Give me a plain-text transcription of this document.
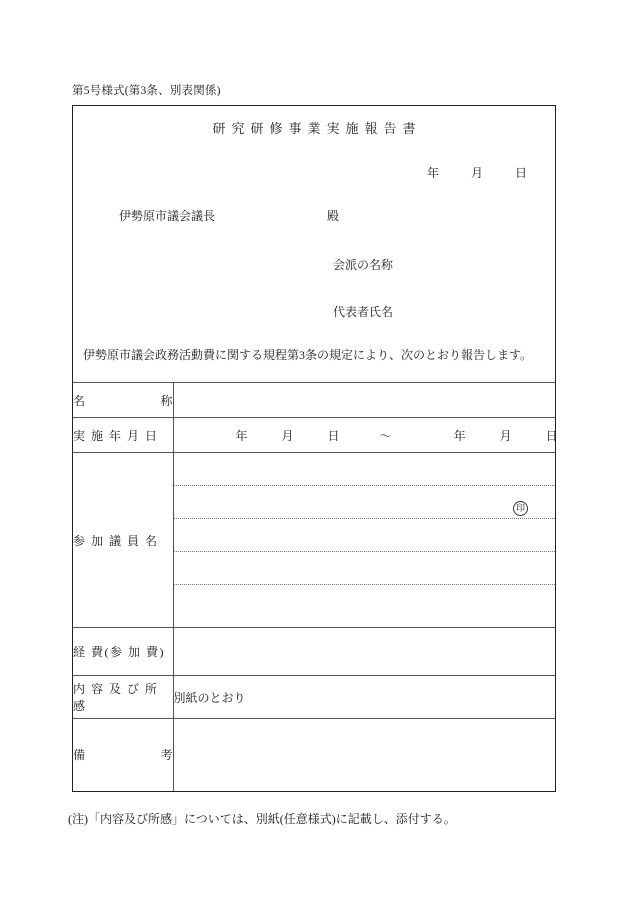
第5号様式(第3条、別表関係)
研究研修事業実施報告書
年	月	日
伊勢原市議会議長	殿
会派の名称
代表者氏名
印
伊勢原市議会政務活動費に関する規程第3条の規定により、次のとおり報告します。
名 称	

実 施 年 月 日	年 月 日 ～ 年 月 日

参 加 議 員 名	

経 費(参 加 費)	

内 容 及 び 所 感	別紙のとおり

備 考	

(注)「内容及び所感」については、別紙(任意様式)に記載し、添付する。
